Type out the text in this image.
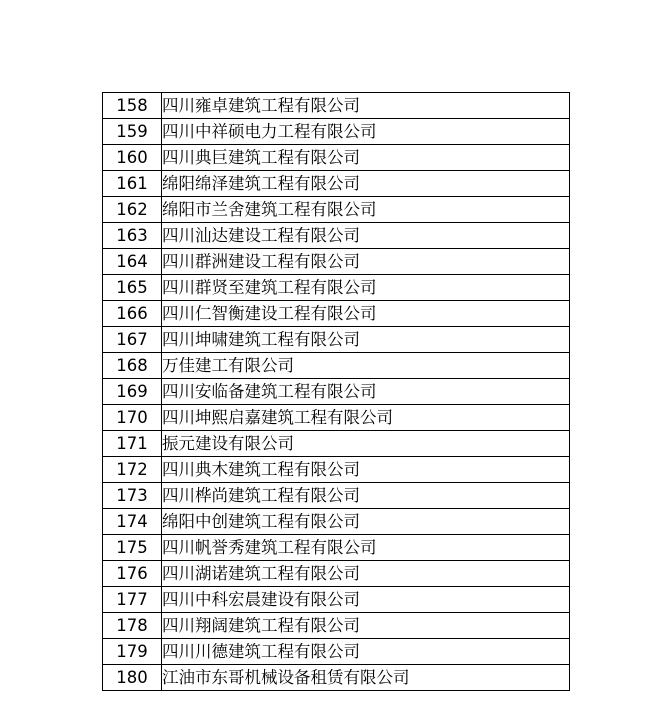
158	四川雍卓建筑工程有限公司
159	四川中祥硕电力工程有限公司
160	四川典巨建筑工程有限公司
161	绵阳绵泽建筑工程有限公司
162	绵阳市兰舍建筑工程有限公司
163	四川汕达建设工程有限公司
164	四川群洲建设工程有限公司
165	四川群贤至建筑工程有限公司
166	四川仁智衡建设工程有限公司
167	四川坤啸建筑工程有限公司
168	万佳建工有限公司
169	四川安临备建筑工程有限公司
170	四川坤熙启嘉建筑工程有限公司
171	振元建设有限公司
172	四川典木建筑工程有限公司
173	四川桦尚建筑工程有限公司
174	绵阳中创建筑工程有限公司
175	四川帆誉秀建筑工程有限公司
176	四川湖诺建筑工程有限公司
177	四川中科宏晨建设有限公司
178	四川翔阔建筑工程有限公司
179	四川川德建筑工程有限公司
180	江油市东哥机械设备租赁有限公司
